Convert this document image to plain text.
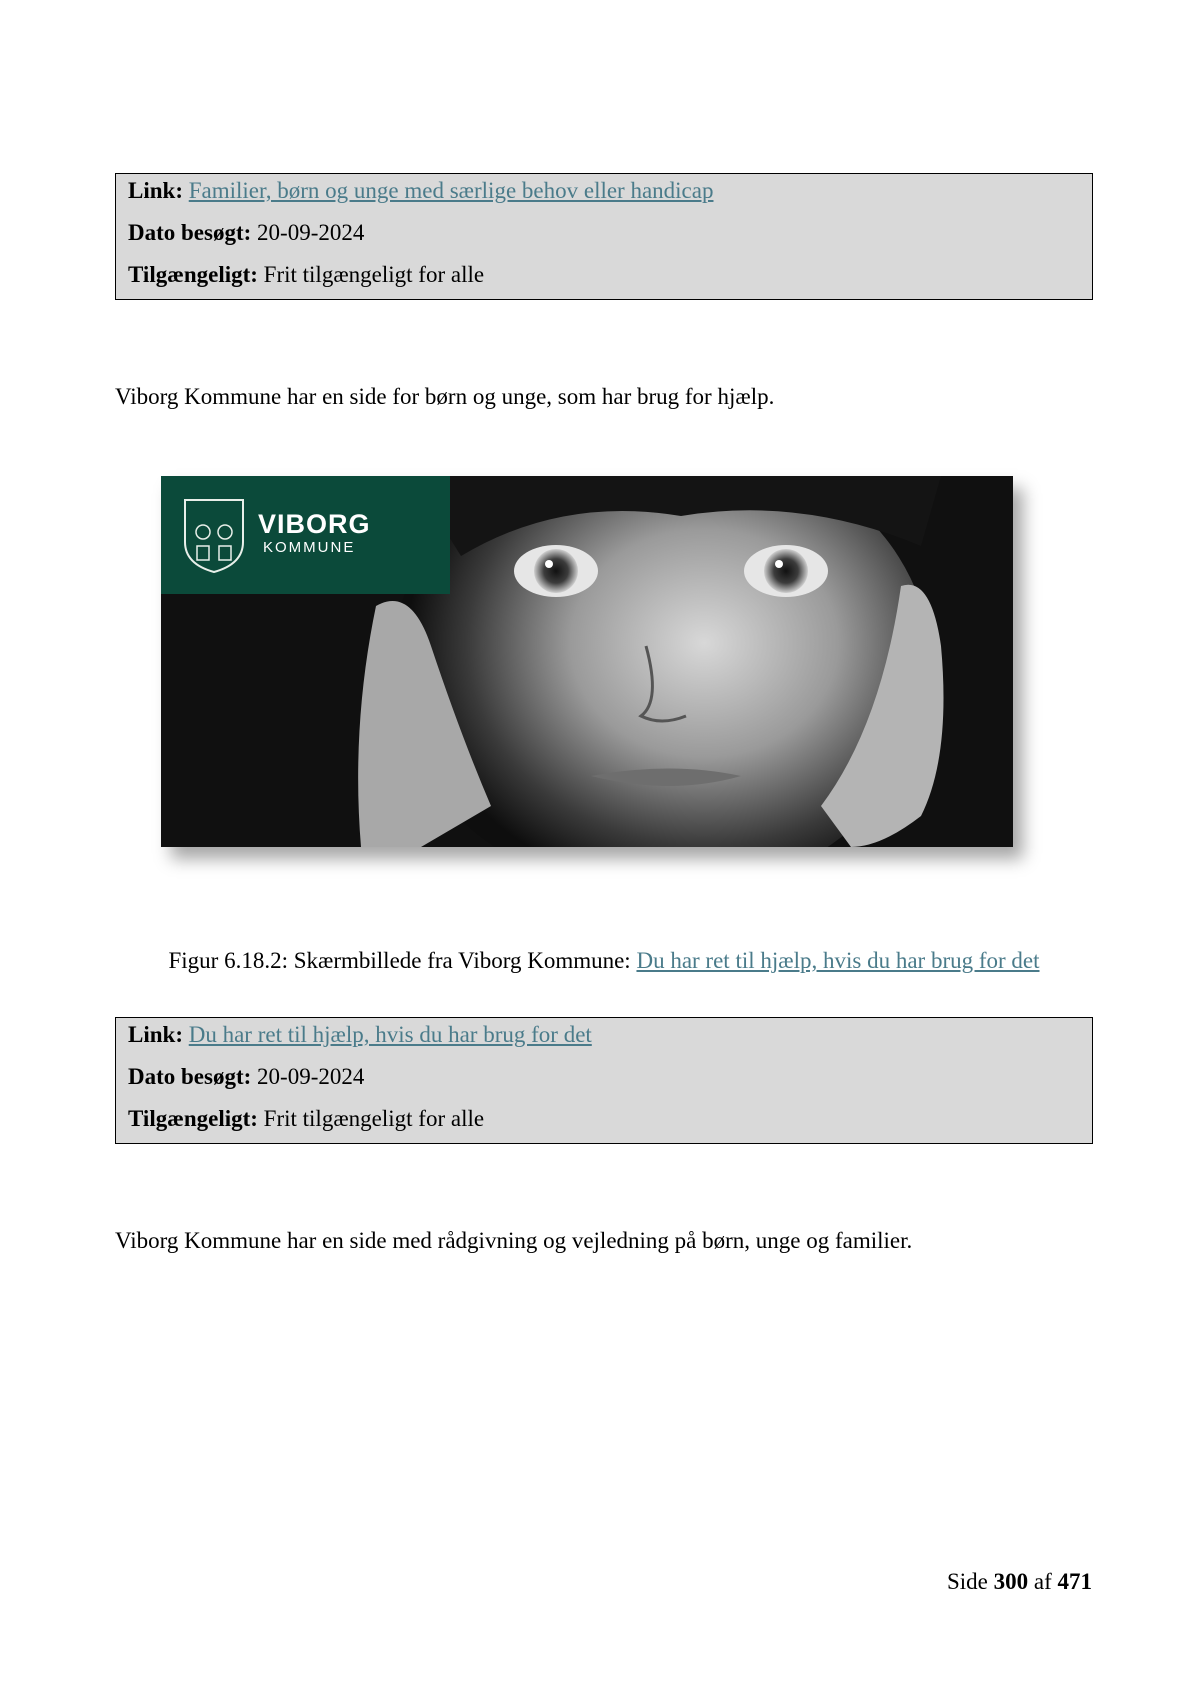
Link: Familier, børn og unge med særlige behov eller handicap
Dato besøgt: 20-09-2024
Tilgængeligt: Frit tilgængeligt for alle
Viborg Kommune har en side for børn og unge, som har brug for hjælp.
VIBORG
KOMMUNE
Figur 6.18.2: Skærmbillede fra Viborg Kommune: Du har ret til hjælp, hvis du har brug for det
Link: Du har ret til hjælp, hvis du har brug for det
Dato besøgt: 20-09-2024
Tilgængeligt: Frit tilgængeligt for alle
Viborg Kommune har en side med rådgivning og vejledning på børn, unge og familier.
Side 300 af 471
